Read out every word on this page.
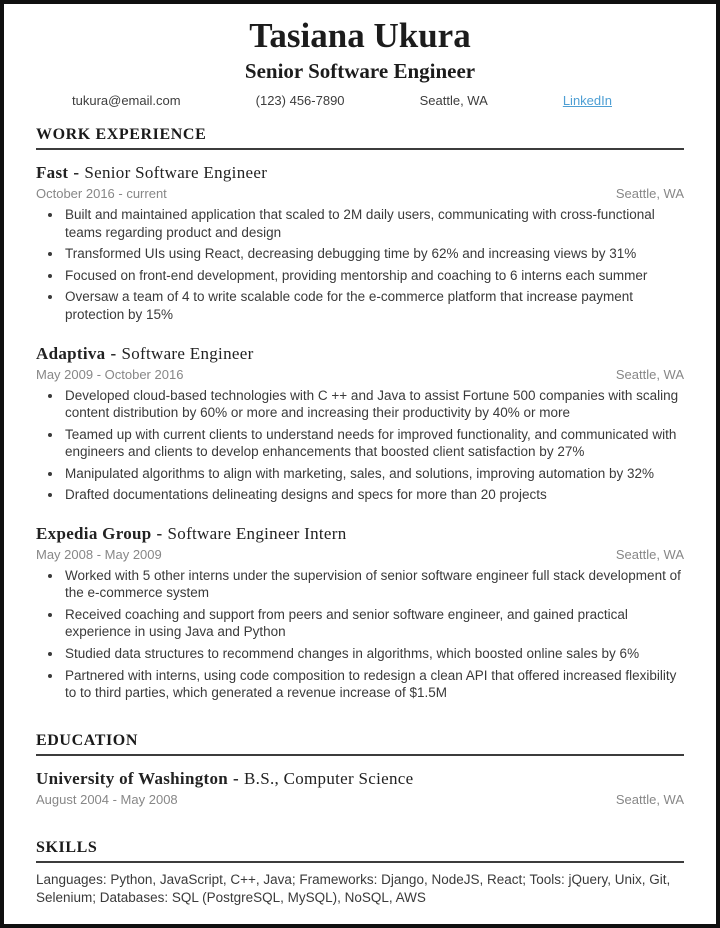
Tasiana Ukura
Senior Software Engineer
tukura@email.com	(123) 456-7890	Seattle, WA	LinkedIn
WORK EXPERIENCE
Fast - Senior Software Engineer
October 2016 - current	Seattle, WA
• Built and maintained application that scaled to 2M daily users, communicating with cross-functional teams regarding product and design
• Transformed UIs using React, decreasing debugging time by 62% and increasing views by 31%
• Focused on front-end development, providing mentorship and coaching to 6 interns each summer
• Oversaw a team of 4 to write scalable code for the e-commerce platform that increase payment protection by 15%
Adaptiva - Software Engineer
May 2009 - October 2016	Seattle, WA
• Developed cloud-based technologies with C ++ and Java to assist Fortune 500 companies with scaling content distribution by 60% or more and increasing their productivity by 40% or more
• Teamed up with current clients to understand needs for improved functionality, and communicated with engineers and clients to develop enhancements that boosted client satisfaction by 27%
• Manipulated algorithms to align with marketing, sales, and solutions, improving automation by 32%
• Drafted documentations delineating designs and specs for more than 20 projects
Expedia Group - Software Engineer Intern
May 2008 - May 2009	Seattle, WA
• Worked with 5 other interns under the supervision of senior software engineer full stack development of the e-commerce system
• Received coaching and support from peers and senior software engineer, and gained practical experience in using Java and Python
• Studied data structures to recommend changes in algorithms, which boosted online sales by 6%
• Partnered with interns, using code composition to redesign a clean API that offered increased flexibility to to third parties, which generated a revenue increase of $1.5M
EDUCATION
University of Washington - B.S., Computer Science
August 2004 - May 2008	Seattle, WA
SKILLS
Languages: Python, JavaScript, C++, Java; Frameworks: Django, NodeJS, React; Tools: jQuery, Unix, Git, Selenium; Databases: SQL (PostgreSQL, MySQL), NoSQL, AWS
